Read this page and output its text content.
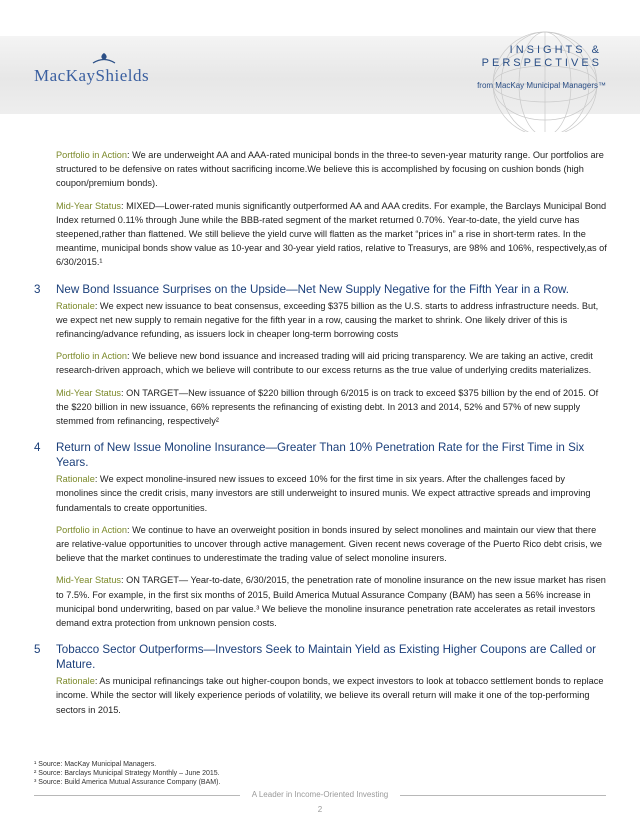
MacKayShields
INSIGHTS &
PERSPECTIVES
from MacKay Municipal Managers™

Portfolio in Action: We are underweight AA and AAA-rated municipal bonds in the three-to seven-year maturity range. Our portfolios are structured to be defensive on rates without sacrificing income.We believe this is accomplished by focusing on cushion bonds (high coupon/premium bonds).

Mid-Year Status: MIXED—Lower-rated munis significantly outperformed AA and AAA credits. For example, the Barclays Municipal Bond Index returned 0.11% through June while the BBB-rated segment of the market returned 0.70%. Year-to-date, the yield curve has steepened,rather than flattened. We still believe the yield curve will flatten as the market “prices in” a rise in short-term rates. In the meantime, municipal bonds show value as 10-year and 30-year yield ratios, relative to Treasurys, are 98% and 106%, respectively,as of 6/30/2015.¹

3 New Bond Issuance Surprises on the Upside—Net New Supply Negative for the Fifth Year in a Row.

Rationale: We expect new issuance to beat consensus, exceeding $375 billion as the U.S. starts to address infrastructure needs. But, we expect net new supply to remain negative for the fifth year in a row, causing the market to shrink. One likely driver of this is refinancing/advance refunding, as issuers lock in cheaper long-term borrowing costs

Portfolio in Action: We believe new bond issuance and increased trading will aid pricing transparency. We are taking an active, credit research-driven approach, which we believe will contribute to our excess returns as the true value of underlying credits materializes.

Mid-Year Status: ON TARGET—New issuance of $220 billion through 6/2015 is on track to exceed $375 billion by the end of 2015. Of the $220 billion in new issuance, 66% represents the refinancing of existing debt. In 2013 and 2014, 52% and 57% of new supply stemmed from refinancing, respectively²

4 Return of New Issue Monoline Insurance—Greater Than 10% Penetration Rate for the First Time in Six Years.

Rationale: We expect monoline-insured new issues to exceed 10% for the first time in six years. After the challenges faced by monolines since the credit crisis, many investors are still underweight to insured munis. We expect attractive spreads and improving fundamentals to create opportunities.

Portfolio in Action: We continue to have an overweight position in bonds insured by select monolines and maintain our view that there are relative-value opportunities to uncover through active management. Given recent news coverage of the Puerto Rico debt crisis, we believe that the market continues to underestimate the trading value of select monoline insurers.

Mid-Year Status: ON TARGET— Year-to-date, 6/30/2015, the penetration rate of monoline insurance on the new issue market has risen to 7.5%. For example, in the first six months of 2015, Build America Mutual Assurance Company (BAM) has seen a 56% increase in municipal bond underwriting, based on par value.³ We believe the monoline insurance penetration rate accelerates as retail investors demand extra protection from unknown pension costs.

5 Tobacco Sector Outperforms—Investors Seek to Maintain Yield as Existing Higher Coupons are Called or Mature.

Rationale: As municipal refinancings take out higher-coupon bonds, we expect investors to look at tobacco settlement bonds to replace income. While the sector will likely experience periods of volatility, we believe its overall return will make it one of the top-performing sectors in 2015.

¹ Source: MacKay Municipal Managers.
² Source: Barclays Municipal Strategy Monthly – June 2015.
³ Source: Build America Mutual Assurance Company (BAM).
A Leader in Income-Oriented Investing
2
